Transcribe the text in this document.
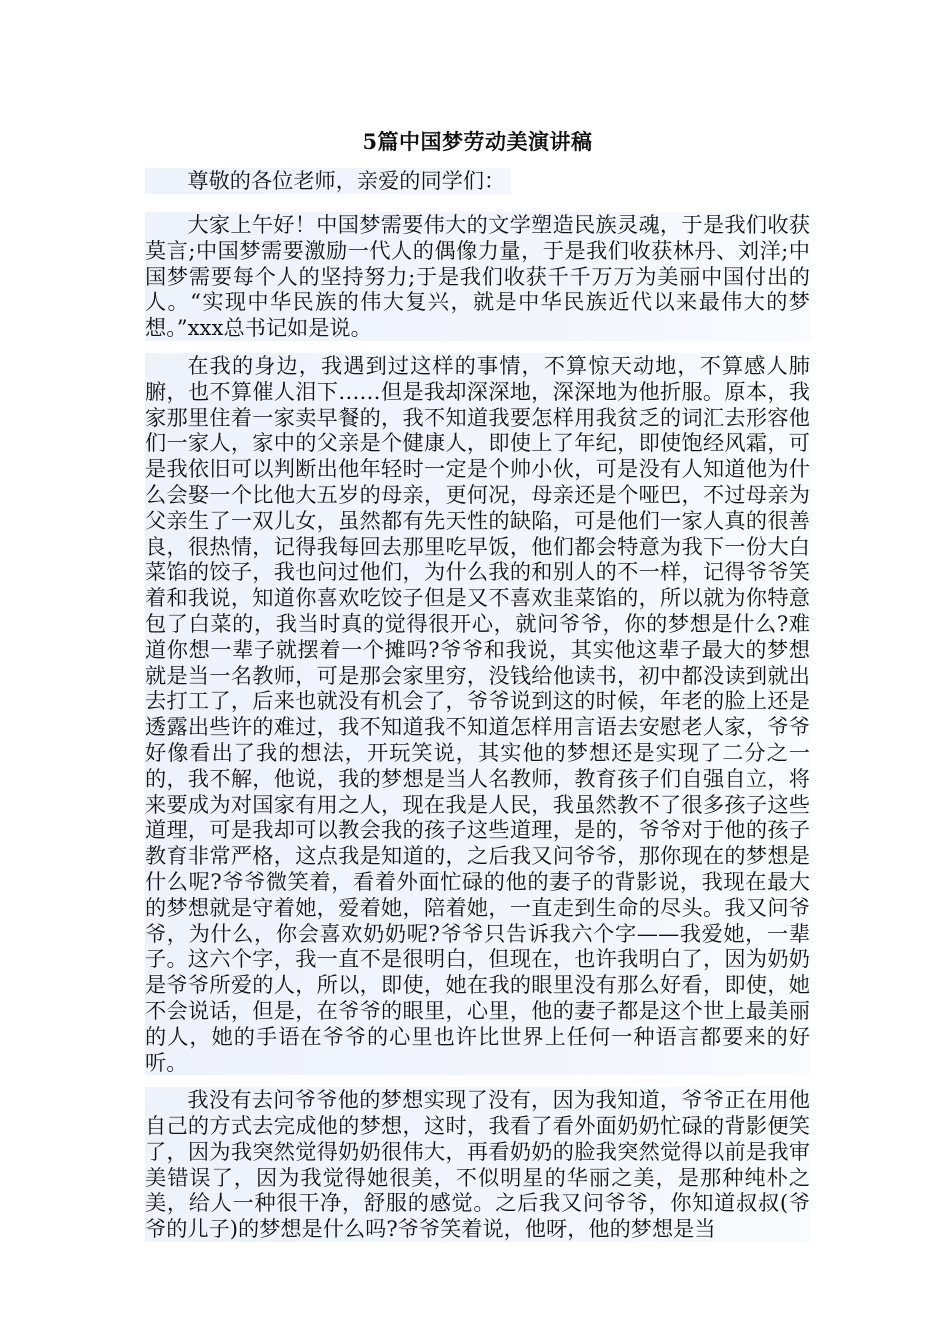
5篇中国梦劳动美演讲稿
尊敬的各位老师，亲爱的同学们：

大家上午好！中国梦需要伟大的文学塑造民族灵魂，于是我们收获莫言;中国梦需要激励一代人的偶像力量，于是我们收获林丹、刘洋;中国梦需要每个人的坚持努力;于是我们收获千千万万为美丽中国付出的人。“实现中华民族的伟大复兴，就是中华民族近代以来最伟大的梦想。”xxx总书记如是说。

在我的身边，我遇到过这样的事情，不算惊天动地，不算感人肺腑，也不算催人泪下……但是我却深深地，深深地为他折服。原本，我家那里住着一家卖早餐的，我不知道我要怎样用我贫乏的词汇去形容他们一家人，家中的父亲是个健康人，即使上了年纪，即使饱经风霜，可是我依旧可以判断出他年轻时一定是个帅小伙，可是没有人知道他为什么会娶一个比他大五岁的母亲，更何况，母亲还是个哑巴，不过母亲为父亲生了一双儿女，虽然都有先天性的缺陷，可是他们一家人真的很善良，很热情，记得我每回去那里吃早饭，他们都会特意为我下一份大白菜馅的饺子，我也问过他们，为什么我的和别人的不一样，记得爷爷笑着和我说，知道你喜欢吃饺子但是又不喜欢韭菜馅的，所以就为你特意包了白菜的，我当时真的觉得很开心，就问爷爷，你的梦想是什么?难道你想一辈子就摆着一个摊吗?爷爷和我说，其实他这辈子最大的梦想就是当一名教师，可是那会家里穷，没钱给他读书，初中都没读到就出去打工了，后来也就没有机会了，爷爷说到这的时候，年老的脸上还是透露出些许的难过，我不知道我不知道怎样用言语去安慰老人家，爷爷好像看出了我的想法，开玩笑说，其实他的梦想还是实现了二分之一的，我不解，他说，我的梦想是当人名教师，教育孩子们自强自立，将来要成为对国家有用之人，现在我是人民，我虽然教不了很多孩子这些道理，可是我却可以教会我的孩子这些道理，是的，爷爷对于他的孩子教育非常严格，这点我是知道的，之后我又问爷爷，那你现在的梦想是什么呢?爷爷微笑着，看着外面忙碌的他的妻子的背影说，我现在最大的梦想就是守着她，爱着她，陪着她，一直走到生命的尽头。我又问爷爷，为什么，你会喜欢奶奶呢?爷爷只告诉我六个字——我爱她，一辈子。这六个字，我一直不是很明白，但现在，也许我明白了，因为奶奶是爷爷所爱的人，所以，即使，她在我的眼里没有那么好看，即使，她不会说话，但是，在爷爷的眼里，心里，他的妻子都是这个世上最美丽的人，她的手语在爷爷的心里也许比世界上任何一种语言都要来的好听。

我没有去问爷爷他的梦想实现了没有，因为我知道，爷爷正在用他自己的方式去完成他的梦想，这时，我看了看外面奶奶忙碌的背影便笑了，因为我突然觉得奶奶很伟大，再看奶奶的脸我突然觉得以前是我审美错误了，因为我觉得她很美，不似明星的华丽之美，是那种纯朴之美，给人一种很干净，舒服的感觉。之后我又问爷爷，你知道叔叔(爷爷的儿子)的梦想是什么吗?爷爷笑着说，他呀，他的梦想是当
